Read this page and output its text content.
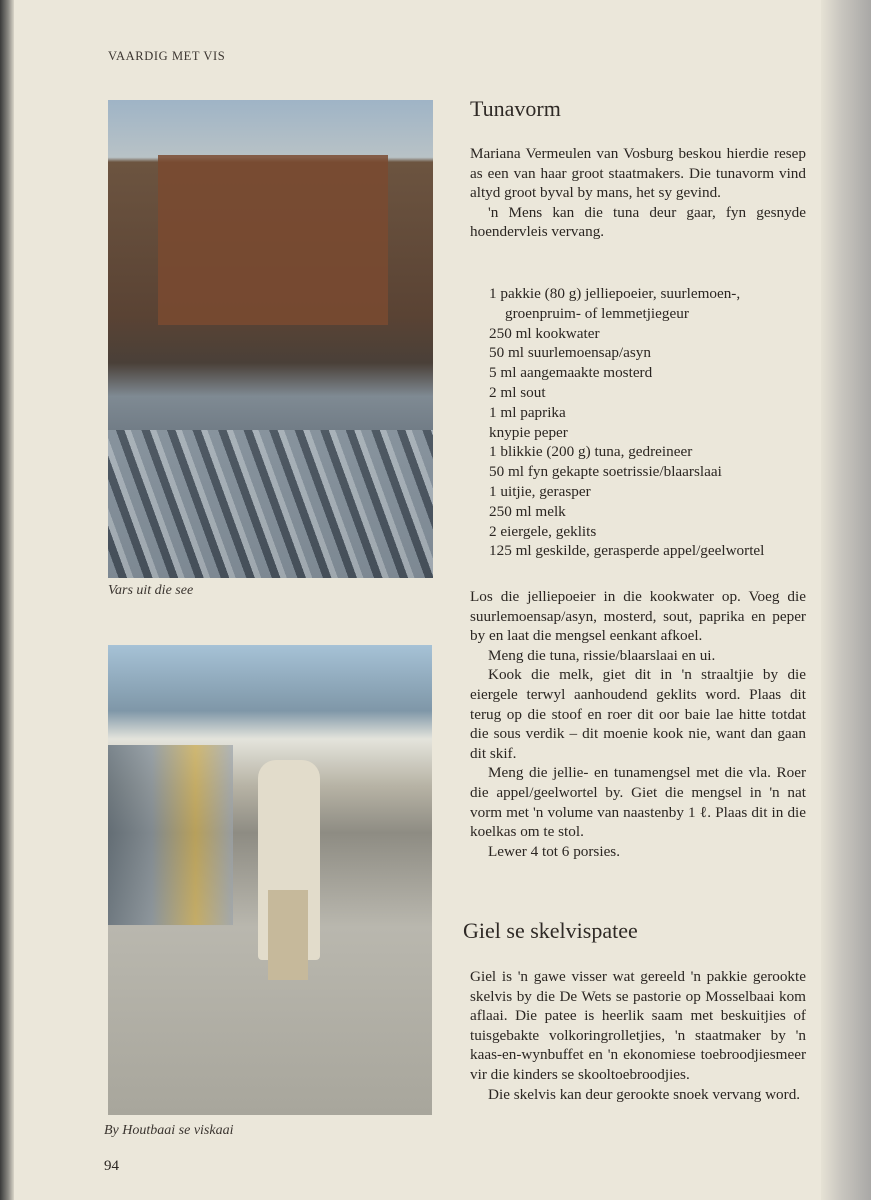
VAARDIG MET VIS
Vars uit die see
By Houtbaai se viskaai
94
Tunavorm

Mariana Vermeulen van Vosburg beskou hierdie resep as een van haar groot staatmakers. Die tunavorm vind altyd groot byval by mans, het sy gevind.

'n Mens kan die tuna deur gaar, fyn gesnyde hoendervleis vervang.

1 pakkie (80 g) jelliepoeier, suurlemoen-, groenpruim- of lemmetjiegeur
250 ml kookwater
50 ml suurlemoensap/asyn
5 ml aangemaakte mosterd
2 ml sout
1 ml paprika
knypie peper
1 blikkie (200 g) tuna, gedreineer
50 ml fyn gekapte soetrissie/blaarslaai
1 uitjie, gerasper
250 ml melk
2 eiergele, geklits
125 ml geskilde, gerasperde appel/geelwortel

Los die jelliepoeier in die kookwater op. Voeg die suurlemoensap/asyn, mosterd, sout, paprika en peper by en laat die mengsel eenkant afkoel.

Meng die tuna, rissie/blaarslaai en ui.

Kook die melk, giet dit in 'n straaltjie by die eiergele terwyl aanhoudend geklits word. Plaas dit terug op die stoof en roer dit oor baie lae hitte totdat die sous verdik – dit moenie kook nie, want dan gaan dit skif.

Meng die jellie- en tunamengsel met die vla. Roer die appel/geelwortel by. Giet die mengsel in 'n nat vorm met 'n volume van naastenby 1 ℓ. Plaas dit in die koelkas om te stol.

Lewer 4 tot 6 porsies.

Giel se skelvispatee

Giel is 'n gawe visser wat gereeld 'n pakkie gerookte skelvis by die De Wets se pastorie op Mosselbaai kom aflaai. Die patee is heerlik saam met beskuitjies of tuisgebakte volkoringrolletjies, 'n staatmaker by 'n kaas-en-wynbuffet en 'n ekonomiese toebroodjiesmeer vir die kinders se skooltoebroodjies.

Die skelvis kan deur gerookte snoek vervang word.
